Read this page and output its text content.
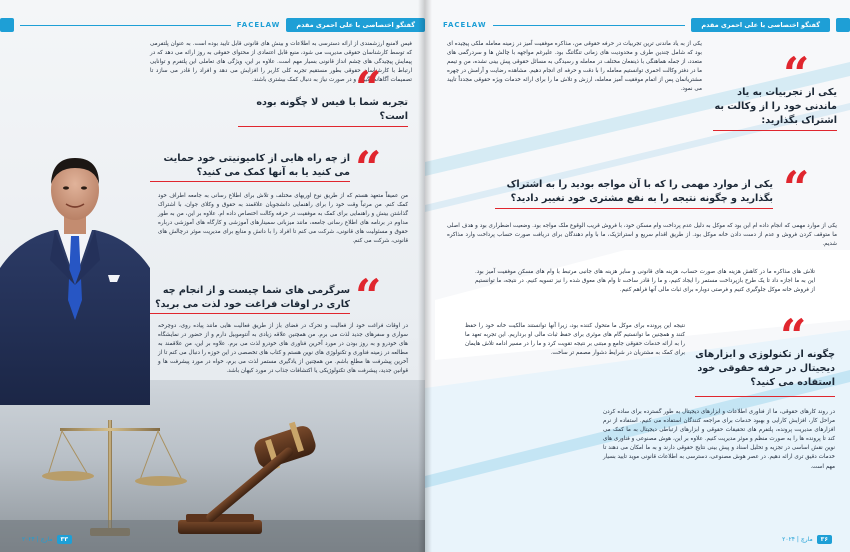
FACELAW	گفتگو اختصاصی با علی احمری مقدم

فیس لامنبع ارزشمندی از ارائه دسترسی به اطلاعات و بینش های قانونی قابل تایید بوده است. به عنوان پلتفرمی که توسط کارشناسان حقوقی مدیریت می شود، منبع قابل اعتمادی از محتوای حقوقی به روز ارائه می دهد که در پیمایش پیچیدگی های چشم انداز قانونی بسیار مهم است. علاوه بر این، ویژگی های تعاملی این پلتفرم و توانایی ارتباط با کارشناسان حقوقی بطور مستقیم تجربه کلی کاربر را افزایش می دهد و افراد را قادر می سازد تا تصمیمات آگاهانه بگیرند و در صورت نیاز به دنبال کمک بیشتری باشند.

“

تجربه شما با فیس لا چگونه بوده است؟

“

از چه راه هایی از کامیونیتی خود حمایت می کنید یا به آنها کمک می کنید؟

من عمیقاً متعهد هستم که از طریق نوع اوریهای مختلف و تلاش برای اطلاع رسانی به جامعه اطراف خود کمک کنم. من مرتباً وقت خود را برای راهنمایی دانشجویان علاقمند به حقوق و وکلای جوان، با اشتراک گذاشتن بینش و راهنمایی برای کمک به موفقیت در حرفه وکالت اختصاص داده ام. علاوه بر این، من به طور مداوم در برنامه های اطلاع رسانی جامعه، مانند میزبانی سمینارهای آموزشی و کارگاه های آموزشی درباره حقوق و مسئولیت های قانونی، شرکت می کنم تا افراد را با دانش و منابع برای مدیریت موثر درچالش های قانونی، شرکت می کنم.

“

سرگرمی های شما چیست و از انجام چه کاری در اوقات فراغت خود لذت می برید؟

در اوقات فراغت خود از فعالیت و تحرک در فضای باز از طریق فعالیت هایی مانند پیاده روی، دوچرخه سواری و سفرهای جدید لذت می برم. من همچنین علاقه زیادی به آنتوموبیل دارم و از حضور در نمایشگاه های خودرو و به روز بودن در مورد آخرین فناوری های خودرو لذت می برم. علاوه بر این، من علاقمند به مطالعه در زمینه فناوری و تکنولوژی های نوین هستم و کتاب های تخصصی در این حوزه را دنبال می کنم تا از آخرین پیشرفت ها مطلع باشم. من همچنین از یادگیری مستمر لذت می برم، خواه در مورد پیشرفت ها و قوانین جدید، پیشرفت های تکنولوژیکی یا اکتشافات جذاب در مورد کیهان باشد.

۳۳
مارچ | ۲۰۲۴
FACELAW	گفتگو اختصاصی با علی احمری مقدم

یکی از به یاد ماندنی ترین تجربیات در حرفه حقوقی من، مذاکره موفقیت آمیز در زمینه معامله ملکی پیچیده ای بود که شامل چندین طرف و محدودیت های زمانی تنگاتنگ بود. علیرغم مواجهه با چالش ها و سردرگمی های متعدد، از جمله هماهنگی با ذینفعان مختلف در معامله و رسیدگی به مسائل حقوقی پیش بینی نشده، من و تیمم ما در دفتر وکالت احمری توانستیم معامله را با دقت و حرفه ای انجام دهیم. مشاهده رضایت و آرامش در چهره مشتریانمان پس از اتمام موفقیت آمیز معامله، ارزش و تلاش ما را برای ارائه خدمات ویژه حقوقی مجدداً تایید می نمود. “

یکی از تجربیات به یاد ماندنی خود را از وکالت به اشتراک بگذارید:

“

یکی از موارد مهمی را که با آن مواجه بودید را به اشتراک بگذارید و چگونه نتیجه را به نفع مشتری خود تغییر دادید؟

یکی از موارد مهمی که انجام داده ام این بود که موکل به دلیل عدم پرداخت وام مسکن خود، با فروش قریب الوقوع ملک مواجه بود. وضعیت اضطراری بود و هدف اصلی ما متوقف کردن فروش و عدم از دست دادن خانه موکل بود. از طریق اقدام سریع و استراتژیک، ما با وام دهندگان برای دریافت صورت حساب پرداخت وارد مذاکره شدیم.

تلاش های مذاکره ما در کاهش هزینه های صورت حساب، هزینه های قانونی و سایر هزینه های جانبی مرتبط با وام های مسکن موفقیت آمیز بود. این به ما اجازه داد تا یک طرح بازپرداخت مستمر را ایجاد کنیم، و ما را قادر ساخت تا وام های معوق شده را نیز تسویه کنیم. در نتیجه، ما توانستیم از فروش خانه موکل جلوگیری کنیم و فرصتی دوباره برای ثبات مالی آنها فراهم کنیم.

نتیجه این پرونده برای موکل ما متحول کننده بود، زیرا آنها توانستند مالکیت خانه خود را حفظ کنند و همچنین ما توانستیم گام های موثری برای حفظ ثبات مالی او برداریم. این تجربه تعهد ما را به ارائه خدمات حقوقی جامع و مبتنی بر نتیجه تقویت کرد و ما را در مسیر ادامه تلاش هایمان برای کمک به مشتریان در شرایط دشوار مصمم تر ساخت. “

چگونه از تکنولوژی و ابزارهای دیجیتال در حرفه حقوقی خود استفاده می کنید؟

در روند کارهای حقوقی، ما از فناوری اطلاعات و ابزارهای دیجیتال به طور گسترده برای ساده کردن مراحل کار، افزایش کارایی و بهبود خدمات برای مراجعه کنندگان استفاده می کنیم. استفاده از نرم افزارهای مدیریت پرونده، پلتفرم های تحقیقات حقوقی و ابزارهای ارتباطی دیجیتال به ما کمک می کند تا پرونده ها را به صورت منظم و موثر مدیریت کنیم. علاوه بر این، هوش مصنوعی و فناوری های نوین نقش اساسی در تجزیه و تحلیل اسناد و پیش بینی نتایج حقوقی دارند و به ما امکان می دهند تا خدمات دقیق تری ارائه دهیم. در عصر هوش مصنوعی، دسترسی به اطلاعات قانونی موید تایید بسیار مهم است.

۳۶
مارچ | ۲۰۲۴
